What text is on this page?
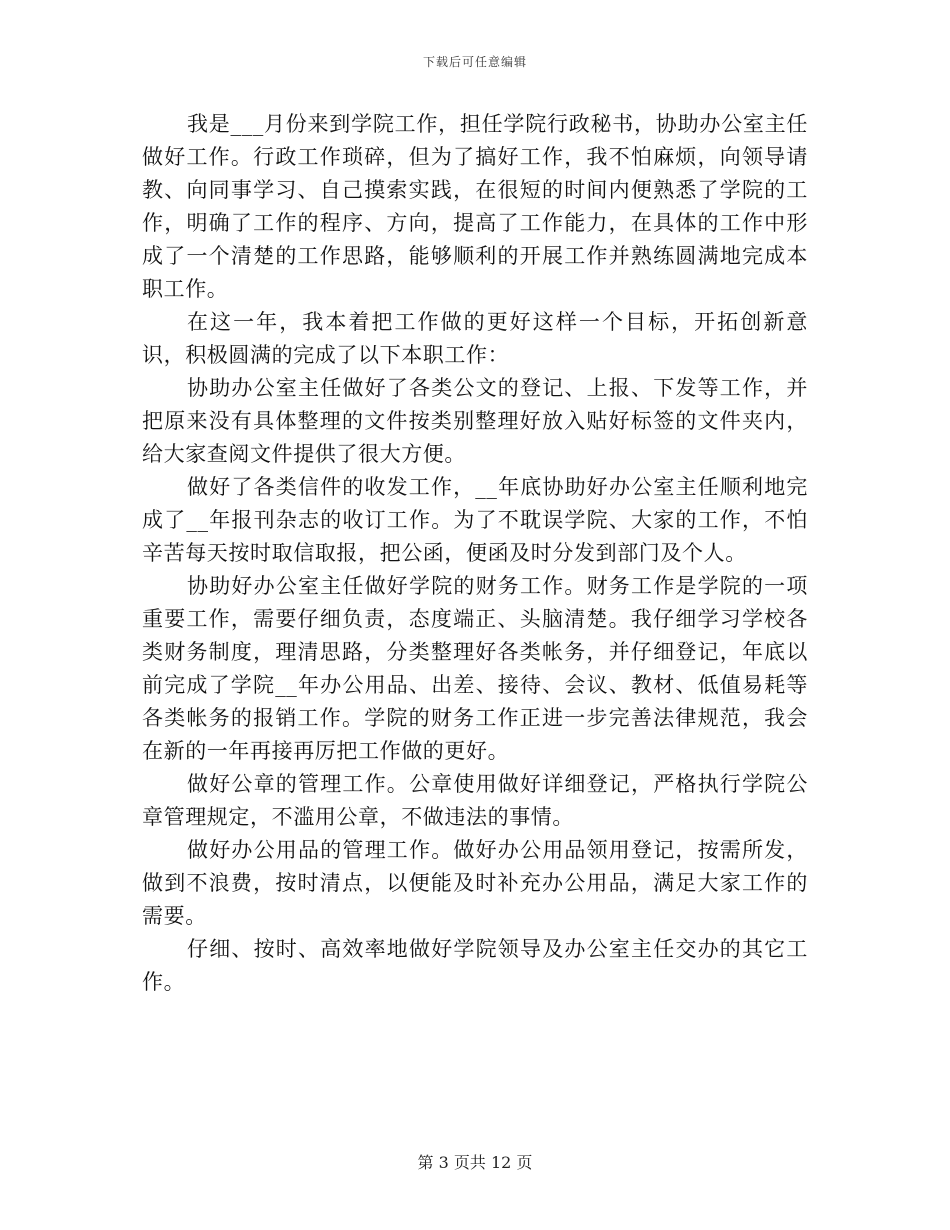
下载后可任意编辑

我是___月份来到学院工作，担任学院行政秘书，协助办公室主任做好工作。行政工作琐碎，但为了搞好工作，我不怕麻烦，向领导请教、向同事学习、自己摸索实践，在很短的时间内便熟悉了学院的工作，明确了工作的程序、方向，提高了工作能力，在具体的工作中形成了一个清楚的工作思路，能够顺利的开展工作并熟练圆满地完成本职工作。

在这一年，我本着把工作做的更好这样一个目标，开拓创新意识，积极圆满的完成了以下本职工作：

协助办公室主任做好了各类公文的登记、上报、下发等工作，并把原来没有具体整理的文件按类别整理好放入贴好标签的文件夹内，给大家查阅文件提供了很大方便。

做好了各类信件的收发工作，__年底协助好办公室主任顺利地完成了__年报刊杂志的收订工作。为了不耽误学院、大家的工作，不怕辛苦每天按时取信取报，把公函，便函及时分发到部门及个人。

协助好办公室主任做好学院的财务工作。财务工作是学院的一项重要工作，需要仔细负责，态度端正、头脑清楚。我仔细学习学校各类财务制度，理清思路，分类整理好各类帐务，并仔细登记，年底以前完成了学院__年办公用品、出差、接待、会议、教材、低值易耗等各类帐务的报销工作。学院的财务工作正进一步完善法律规范，我会在新的一年再接再厉把工作做的更好。

做好公章的管理工作。公章使用做好详细登记，严格执行学院公章管理规定，不滥用公章，不做违法的事情。

做好办公用品的管理工作。做好办公用品领用登记，按需所发，做到不浪费，按时清点，以便能及时补充办公用品，满足大家工作的需要。

仔细、按时、高效率地做好学院领导及办公室主任交办的其它工作。

第 3 页共 12 页
